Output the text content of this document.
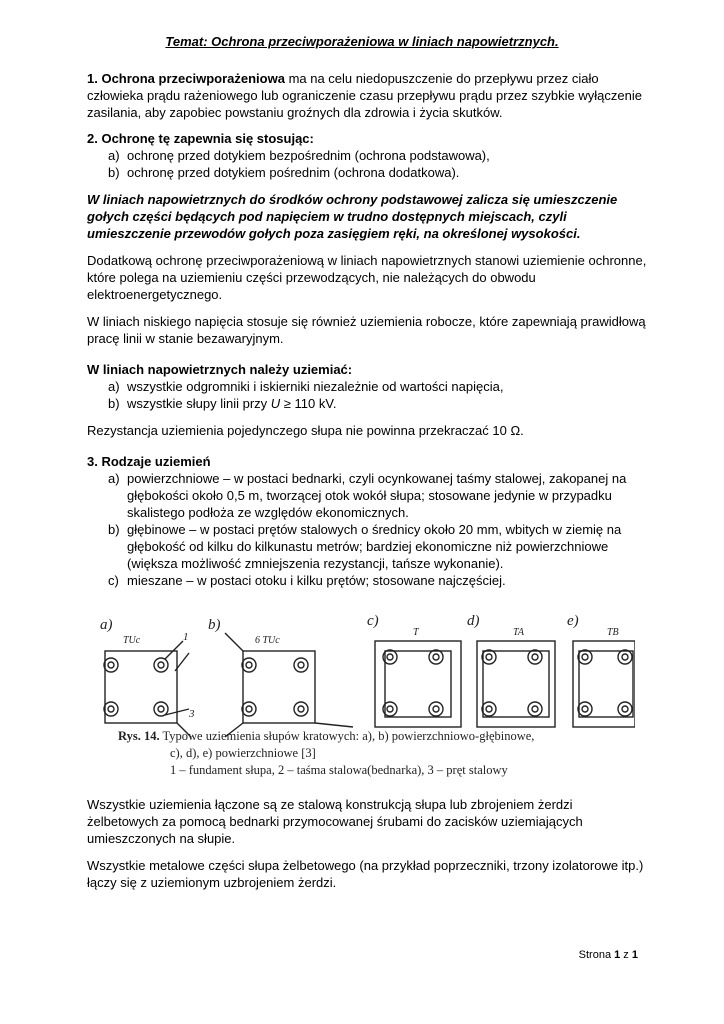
Temat: Ochrona przeciwporażeniowa w liniach napowietrznych.

1. Ochrona przeciwporażeniowa ma na celu niedopuszczenie do przepływu przez ciało człowieka prądu rażeniowego lub ograniczenie czasu przepływu prądu przez szybkie wyłączenie zasilania, aby zapobiec powstaniu groźnych dla zdrowia i życia skutków.

2. Ochronę tę zapewnia się stosując:

a) ochronę przed dotykiem bezpośrednim (ochrona podstawowa),
b) ochronę przed dotykiem pośrednim (ochrona dodatkowa).

W liniach napowietrznych do środków ochrony podstawowej zalicza się umieszczenie gołych części będących pod napięciem w trudno dostępnych miejscach, czyli umieszczenie przewodów gołych poza zasięgiem ręki, na określonej wysokości.

Dodatkową ochronę przeciwporażeniową w liniach napowietrznych stanowi uziemienie ochronne, które polega na uziemieniu części przewodzących, nie należących do obwodu elektroenergetycznego.

W liniach niskiego napięcia stosuje się również uziemienia robocze, które zapewniają prawidłową pracę linii w stanie bezawaryjnym.

W liniach napowietrznych należy uziemiać:

a) wszystkie odgromniki i iskierniki niezależnie od wartości napięcia,
b) wszystkie słupy linii przy U ≥ 110 kV.

Rezystancja uziemienia pojedynczego słupa nie powinna przekraczać 10 Ω.

3. Rodzaje uziemień

a) powierzchniowe – w postaci bednarki, czyli ocynkowanej taśmy stalowej, zakopanej na głębokości około 0,5 m, tworzącej otok wokół słupa; stosowane jedynie w przypadku skalistego podłoża ze względów ekonomicznych.
b) głębinowe – w postaci prętów stalowych o średnicy około 20 mm, wbitych w ziemię na głębokość od kilku do kilkunastu metrów; bardziej ekonomiczne niż powierzchniowe (większa możliwość zmniejszenia rezystancji, tańsze wykonanie).
c) mieszane – w postaci otoku i kilku prętów; stosowane najczęściej.
a)
TUc	1
3
b)
6 TUc
c)
T
d)
TA
e)
TB
Rys. 14. Typowe uziemienia słupów kratowych: a), b) powierzchniowo-głębinowe,
c), d), e) powierzchniowe [3]
1 – fundament słupa, 2 – taśma stalowa(bednarka), 3 – pręt stalowy

Wszystkie uziemienia łączone są ze stalową konstrukcją słupa lub zbrojeniem żerdzi żelbetowych za pomocą bednarki przymocowanej śrubami do zacisków uziemiających umieszczonych na słupie.

Wszystkie metalowe części słupa żelbetowego (na przykład poprzeczniki, trzony izolatorowe itp.) łączy się z uziemionym uzbrojeniem żerdzi.

Strona 1 z 1
